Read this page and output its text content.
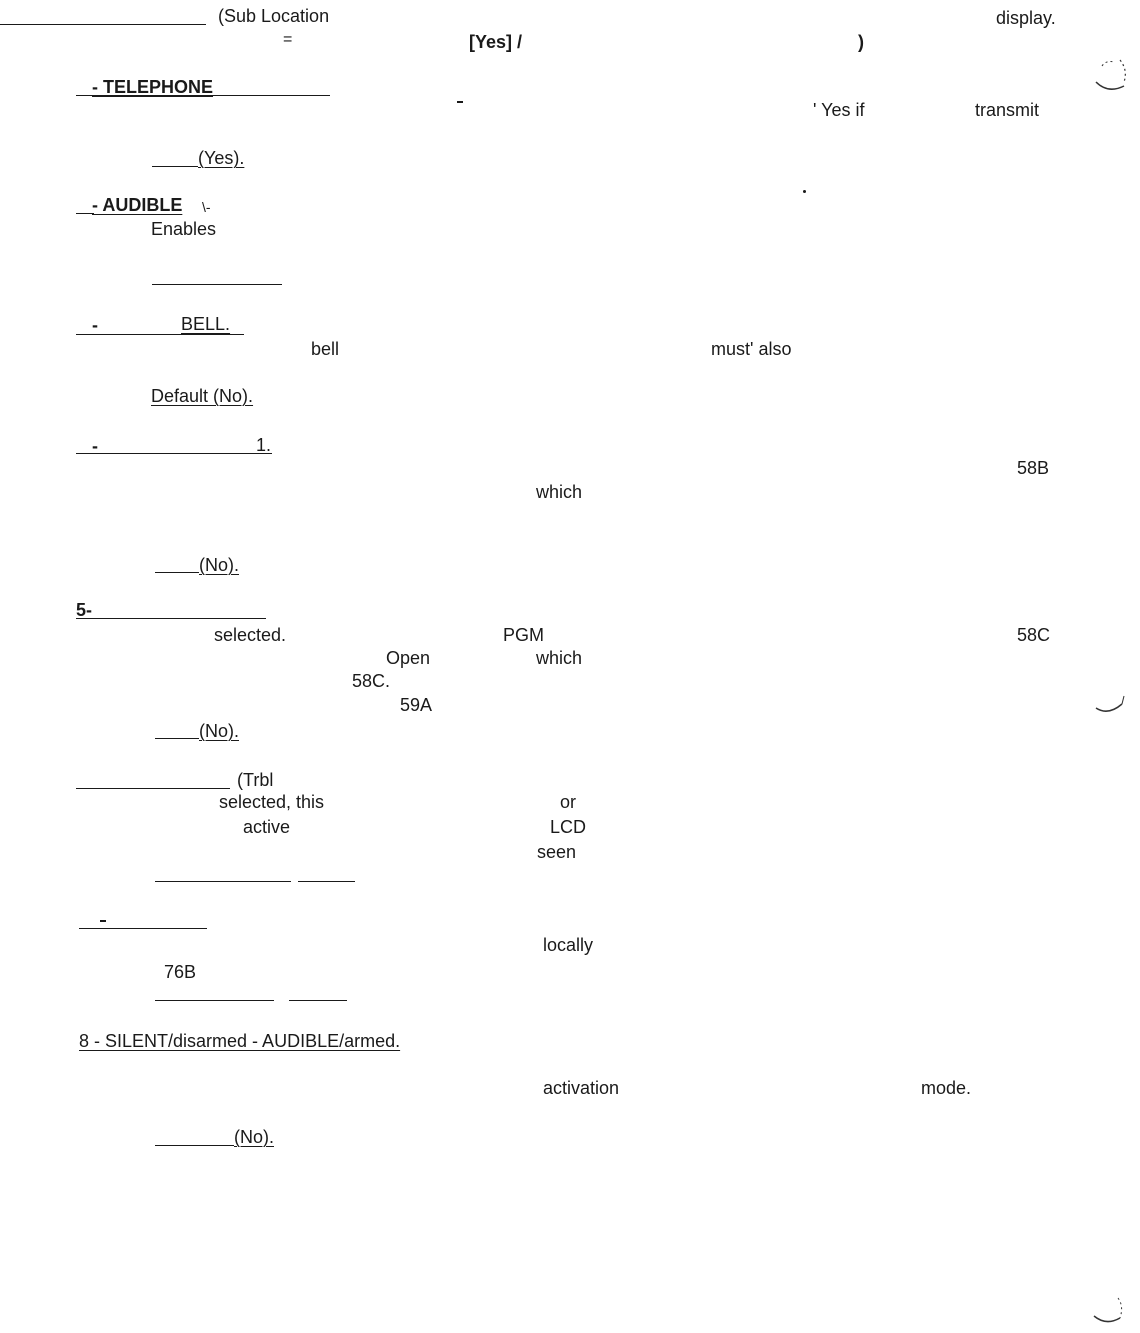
(Sub Location	display.
=	[Yes] /	)
- TELEPHONE
' Yes if	transmit
(Yes).
- AUDIBLE \-
Enables
-	BELL.
bell	must' also
Default (No).
-	1.
58B
which
(No).
5-
selected.	PGM	58C
Open	which
58C.
59A
(No).
(Trbl
selected, this	or
active	LCD
seen
locally
76B
8 - SILENT/disarmed - AUDIBLE/armed.
activation	mode.
(No).
